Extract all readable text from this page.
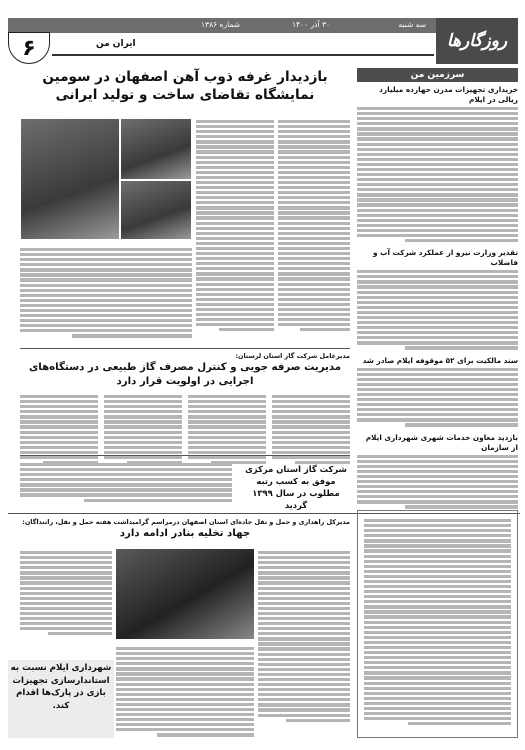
سه شنبه
۳۰ آذر ۱۴۰۰
شماره ۱۳۸۶
روزگارها
۶	ایران من
سرزمین من
خریداری تجهیزات مدرن حهارده میلیارد ریالی در ایلام
تقدیر وزارت نیرو از عملکرد شرکت آب و فاضلاب
سند مالکیت برای ۵۲ موقوفه ایلام صادر شد
بازدید معاون خدمات شهری شهرداری ایلام از سازمان
بازدیدار غرفه ذوب آهن اصفهان در سومین نمایشگاه تقاضای ساخت و تولید ایرانی
مدیرعامل شرکت گاز استان لرستان:
مدیریت صرفه جویی و کنترل مصرف گاز طبیعی در دستگاه‌های اجرایی در اولویت قرار دارد
شرکت گاز استان مرکزی موفق به کسب رتبه مطلوب در سال ۱۳۹۹ گردید
مدیرکل راهداری و حمل و نقل جاده‌ای استان اصفهان درمراسم گرامیداشت هفته حمل و نقل، راننداگان:
جهاد تخلیه بنادر ادامه دارد
شهرداری ایلام نسبت به استاندارسازی تجهیزات بازی در پارک‌ها اقدام کند.
